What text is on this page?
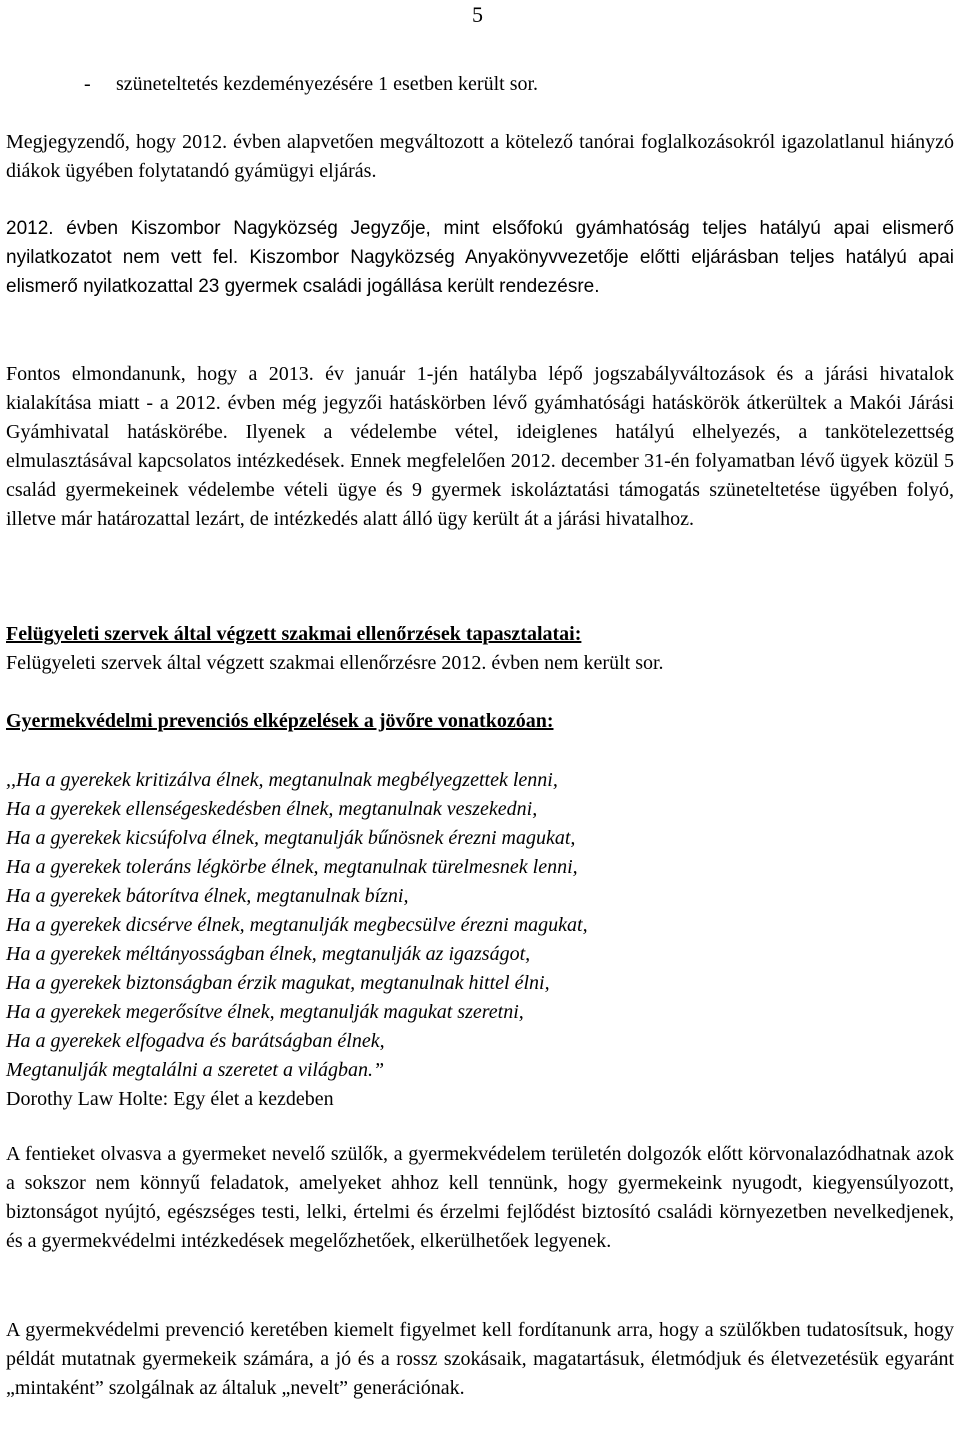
5

- szüneteltetés kezdeményezésére 1 esetben került sor.

Megjegyzendő, hogy 2012. évben alapvetően megváltozott a kötelező tanórai foglalkozásokról igazolatlanul hiányzó diákok ügyében folytatandó gyámügyi eljárás.

2012. évben Kiszombor Nagyközség Jegyzője, mint elsőfokú gyámhatóság teljes hatályú apai elismerő nyilatkozatot nem vett fel. Kiszombor Nagyközség Anyakönyvvezetője előtti eljárásban teljes hatályú apai elismerő nyilatkozattal 23 gyermek családi jogállása került rendezésre.

Fontos elmondanunk, hogy a 2013. év január 1-jén hatályba lépő jogszabályváltozások és a járási hivatalok kialakítása miatt - a 2012. évben még jegyzői hatáskörben lévő gyámhatósági hatáskörök átkerültek a Makói Járási Gyámhivatal hatáskörébe. Ilyenek a védelembe vétel, ideiglenes hatályú elhelyezés, a tankötelezettség elmulasztásával kapcsolatos intézkedések. Ennek megfelelően 2012. december 31-én folyamatban lévő ügyek közül 5 család gyermekeinek védelembe vételi ügye és 9 gyermek iskoláztatási támogatás szüneteltetése ügyében folyó, illetve már határozattal lezárt, de intézkedés alatt álló ügy került át a járási hivatalhoz.

Felügyeleti szervek által végzett szakmai ellenőrzések tapasztalatai:

Felügyeleti szervek által végzett szakmai ellenőrzésre 2012. évben nem került sor.

Gyermekvédelmi prevenciós elképzelések a jövőre vonatkozóan:

,,Ha a gyerekek kritizálva élnek, megtanulnak megbélyegzettek lenni,
Ha a gyerekek ellenségeskedésben élnek, megtanulnak veszekedni,
Ha a gyerekek kicsúfolva élnek, megtanulják bűnösnek érezni magukat,
Ha a gyerekek toleráns légkörbe élnek, megtanulnak türelmesnek lenni,
Ha a gyerekek bátorítva élnek, megtanulnak bízni,
Ha a gyerekek dicsérve élnek, megtanulják megbecsülve érezni magukat,
Ha a gyerekek méltányosságban élnek, megtanulják az igazságot,
Ha a gyerekek biztonságban érzik magukat, megtanulnak hittel élni,
Ha a gyerekek megerősítve élnek, megtanulják magukat szeretni,
Ha a gyerekek elfogadva és barátságban élnek,
Megtanulják megtalálni a szeretet a világban.”

Dorothy Law Holte: Egy élet a kezdeben

A fentieket olvasva a gyermeket nevelő szülők, a gyermekvédelem területén dolgozók előtt körvonalazódhatnak azok a sokszor nem könnyű feladatok, amelyeket ahhoz kell tennünk, hogy gyermekeink nyugodt, kiegyensúlyozott, biztonságot nyújtó, egészséges testi, lelki, értelmi és érzelmi fejlődést biztosító családi környezetben nevelkedjenek, és a gyermekvédelmi intézkedések megelőzhetőek, elkerülhetőek legyenek.

A gyermekvédelmi prevenció keretében kiemelt figyelmet kell fordítanunk arra, hogy a szülőkben tudatosítsuk, hogy példát mutatnak gyermekeik számára, a jó és a rossz szokásaik, magatartásuk, életmódjuk és életvezetésük egyaránt „mintaként” szolgálnak az általuk „nevelt” generációnak.
